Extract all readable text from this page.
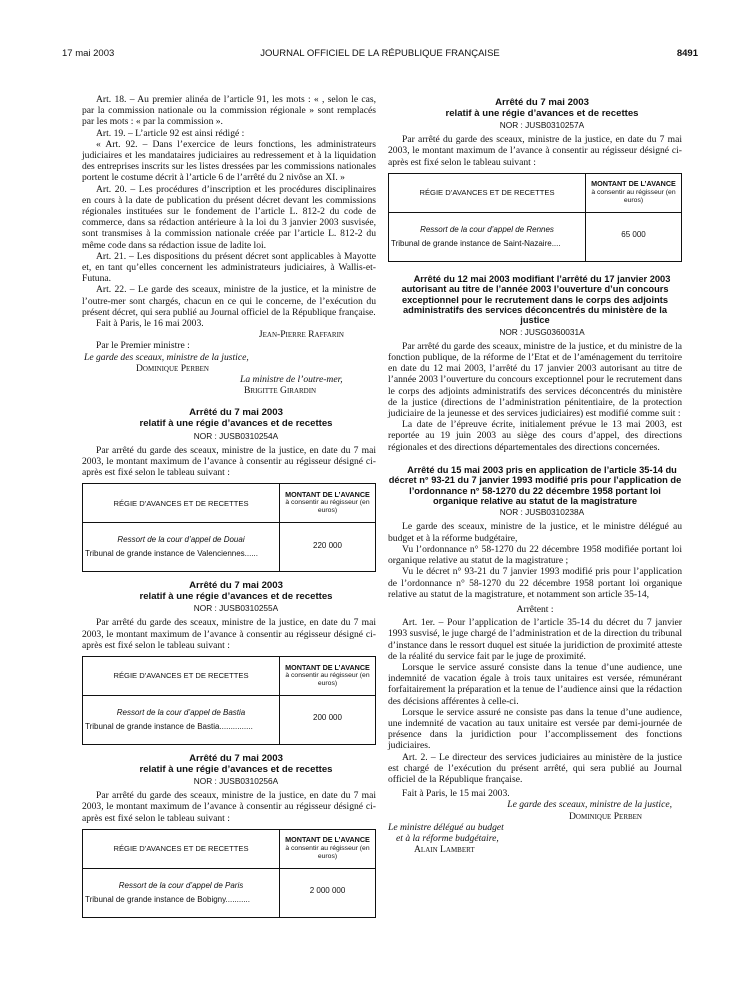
17 mai 2003	JOURNAL OFFICIEL DE LA RÉPUBLIQUE FRANÇAISE	8491

Art. 18. – Au premier alinéa de l’article 91, les mots : « , selon le cas, par la commission nationale ou la commission régionale » sont remplacés par les mots : « par la commission ».

Art. 19. – L’article 92 est ainsi rédigé :

« Art. 92. – Dans l’exercice de leurs fonctions, les administrateurs judiciaires et les mandataires judiciaires au redressement et à la liquidation des entreprises inscrits sur les listes dressées par les commissions nationales portent le costume décrit à l’article 6 de l’arrêté du 2 nivôse an XI. »

Art. 20. – Les procédures d’inscription et les procédures disciplinaires en cours à la date de publication du présent décret devant les commissions régionales instituées sur le fondement de l’article L. 812-2 du code de commerce, dans sa rédaction antérieure à la loi du 3 janvier 2003 susvisée, sont transmises à la commission nationale créée par l’article L. 812-2 du même code dans sa rédaction issue de ladite loi.

Art. 21. – Les dispositions du présent décret sont applicables à Mayotte et, en tant qu’elles concernent les administrateurs judiciaires, à Wallis-et-Futuna.

Art. 22. – Le garde des sceaux, ministre de la justice, et la ministre de l’outre-mer sont chargés, chacun en ce qui le concerne, de l’exécution du présent décret, qui sera publié au Journal officiel de la République française.

Fait à Paris, le 16 mai 2003.

Jean-Pierre Raffarin

Par le Premier ministre :

Le garde des sceaux, ministre de la justice,

Dominique Perben

La ministre de l’outre-mer,

Brigitte Girardin

Arrêté du 7 mai 2003

relatif à une régie d’avances et de recettes

NOR : JUSB0310254A

Par arrêté du garde des sceaux, ministre de la justice, en date du 7 mai 2003, le montant maximum de l’avance à consentir au régisseur désigné ci-après est fixé selon le tableau suivant :

RÉGIE D’AVANCES ET DE RECETTES	MONTANT DE L’AVANCE
à consentir au régisseur (en euros)

Ressort de la cour d’appel de Douai
Tribunal de grande instance de Valenciennes......	220 000

Arrêté du 7 mai 2003

relatif à une régie d’avances et de recettes

NOR : JUSB0310255A

Par arrêté du garde des sceaux, ministre de la justice, en date du 7 mai 2003, le montant maximum de l’avance à consentir au régisseur désigné ci-après est fixé selon le tableau suivant :

RÉGIE D’AVANCES ET DE RECETTES	MONTANT DE L’AVANCE
à consentir au régisseur (en euros)

Ressort de la cour d’appel de Bastia
Tribunal de grande instance de Bastia...............	200 000

Arrêté du 7 mai 2003

relatif à une régie d’avances et de recettes

NOR : JUSB0310256A

Par arrêté du garde des sceaux, ministre de la justice, en date du 7 mai 2003, le montant maximum de l’avance à consentir au régisseur désigné ci-après est fixé selon le tableau suivant :

RÉGIE D’AVANCES ET DE RECETTES	MONTANT DE L’AVANCE
à consentir au régisseur (en euros)

Ressort de la cour d’appel de Paris
Tribunal de grande instance de Bobigny...........	2 000 000

Arrêté du 7 mai 2003

relatif à une régie d’avances et de recettes

NOR : JUSB0310257A

Par arrêté du garde des sceaux, ministre de la justice, en date du 7 mai 2003, le montant maximum de l’avance à consentir au régisseur désigné ci-après est fixé selon le tableau suivant :

RÉGIE D’AVANCES ET DE RECETTES	MONTANT DE L’AVANCE
à consentir au régisseur (en euros)

Ressort de la cour d’appel de Rennes
Tribunal de grande instance de Saint-Nazaire....	65 000

Arrêté du 12 mai 2003 modifiant l’arrêté du 17 janvier 2003 autorisant au titre de l’année 2003 l’ouverture d’un concours exceptionnel pour le recrutement dans le corps des adjoints administratifs des services déconcentrés du ministère de la justice

NOR : JUSG0360031A

Par arrêté du garde des sceaux, ministre de la justice, et du ministre de la fonction publique, de la réforme de l’Etat et de l’aménagement du territoire en date du 12 mai 2003, l’arrêté du 17 janvier 2003 autorisant au titre de l’année 2003 l’ouverture du concours exceptionnel pour le recrutement dans le corps des adjoints administratifs des services déconcentrés du ministère de la justice (directions de l’administration pénitentiaire, de la protection judiciaire de la jeunesse et des services judiciaires) est modifié comme suit :

La date de l’épreuve écrite, initialement prévue le 13 mai 2003, est reportée au 19 juin 2003 au siège des cours d’appel, des directions régionales et des directions départementales des directions concernées.

Arrêté du 15 mai 2003 pris en application de l’article 35-14 du décret n° 93-21 du 7 janvier 1993 modifié pris pour l’application de l’ordonnance n° 58-1270 du 22 décembre 1958 portant loi organique relative au statut de la magistrature

NOR : JUSB0310238A

Le garde des sceaux, ministre de la justice, et le ministre délégué au budget et à la réforme budgétaire,

Vu l’ordonnance n° 58-1270 du 22 décembre 1958 modifiée portant loi organique relative au statut de la magistrature ;

Vu le décret n° 93-21 du 7 janvier 1993 modifié pris pour l’application de l’ordonnance n° 58-1270 du 22 décembre 1958 portant loi organique relative au statut de la magistrature, et notamment son article 35-14,

Arrêtent :

Art. 1er. – Pour l’application de l’article 35-14 du décret du 7 janvier 1993 susvisé, le juge chargé de l’administration et de la direction du tribunal d’instance dans le ressort duquel est située la juridiction de proximité atteste de la réalité du service fait par le juge de proximité.

Lorsque le service assuré consiste dans la tenue d’une audience, une indemnité de vacation égale à trois taux unitaires est versée, rémunérant forfaitairement la préparation et la tenue de l’audience ainsi que la rédaction des décisions afférentes à celle-ci.

Lorsque le service assuré ne consiste pas dans la tenue d’une audience, une indemnité de vacation au taux unitaire est versée par demi-journée de présence dans la juridiction pour l’accomplissement des fonctions judiciaires.

Art. 2. – Le directeur des services judiciaires au ministère de la justice est chargé de l’exécution du présent arrêté, qui sera publié au Journal officiel de la République française.

Fait à Paris, le 15 mai 2003.

Le garde des sceaux, ministre de la justice,

Dominique Perben

Le ministre délégué au budget

et à la réforme budgétaire,

Alain Lambert
